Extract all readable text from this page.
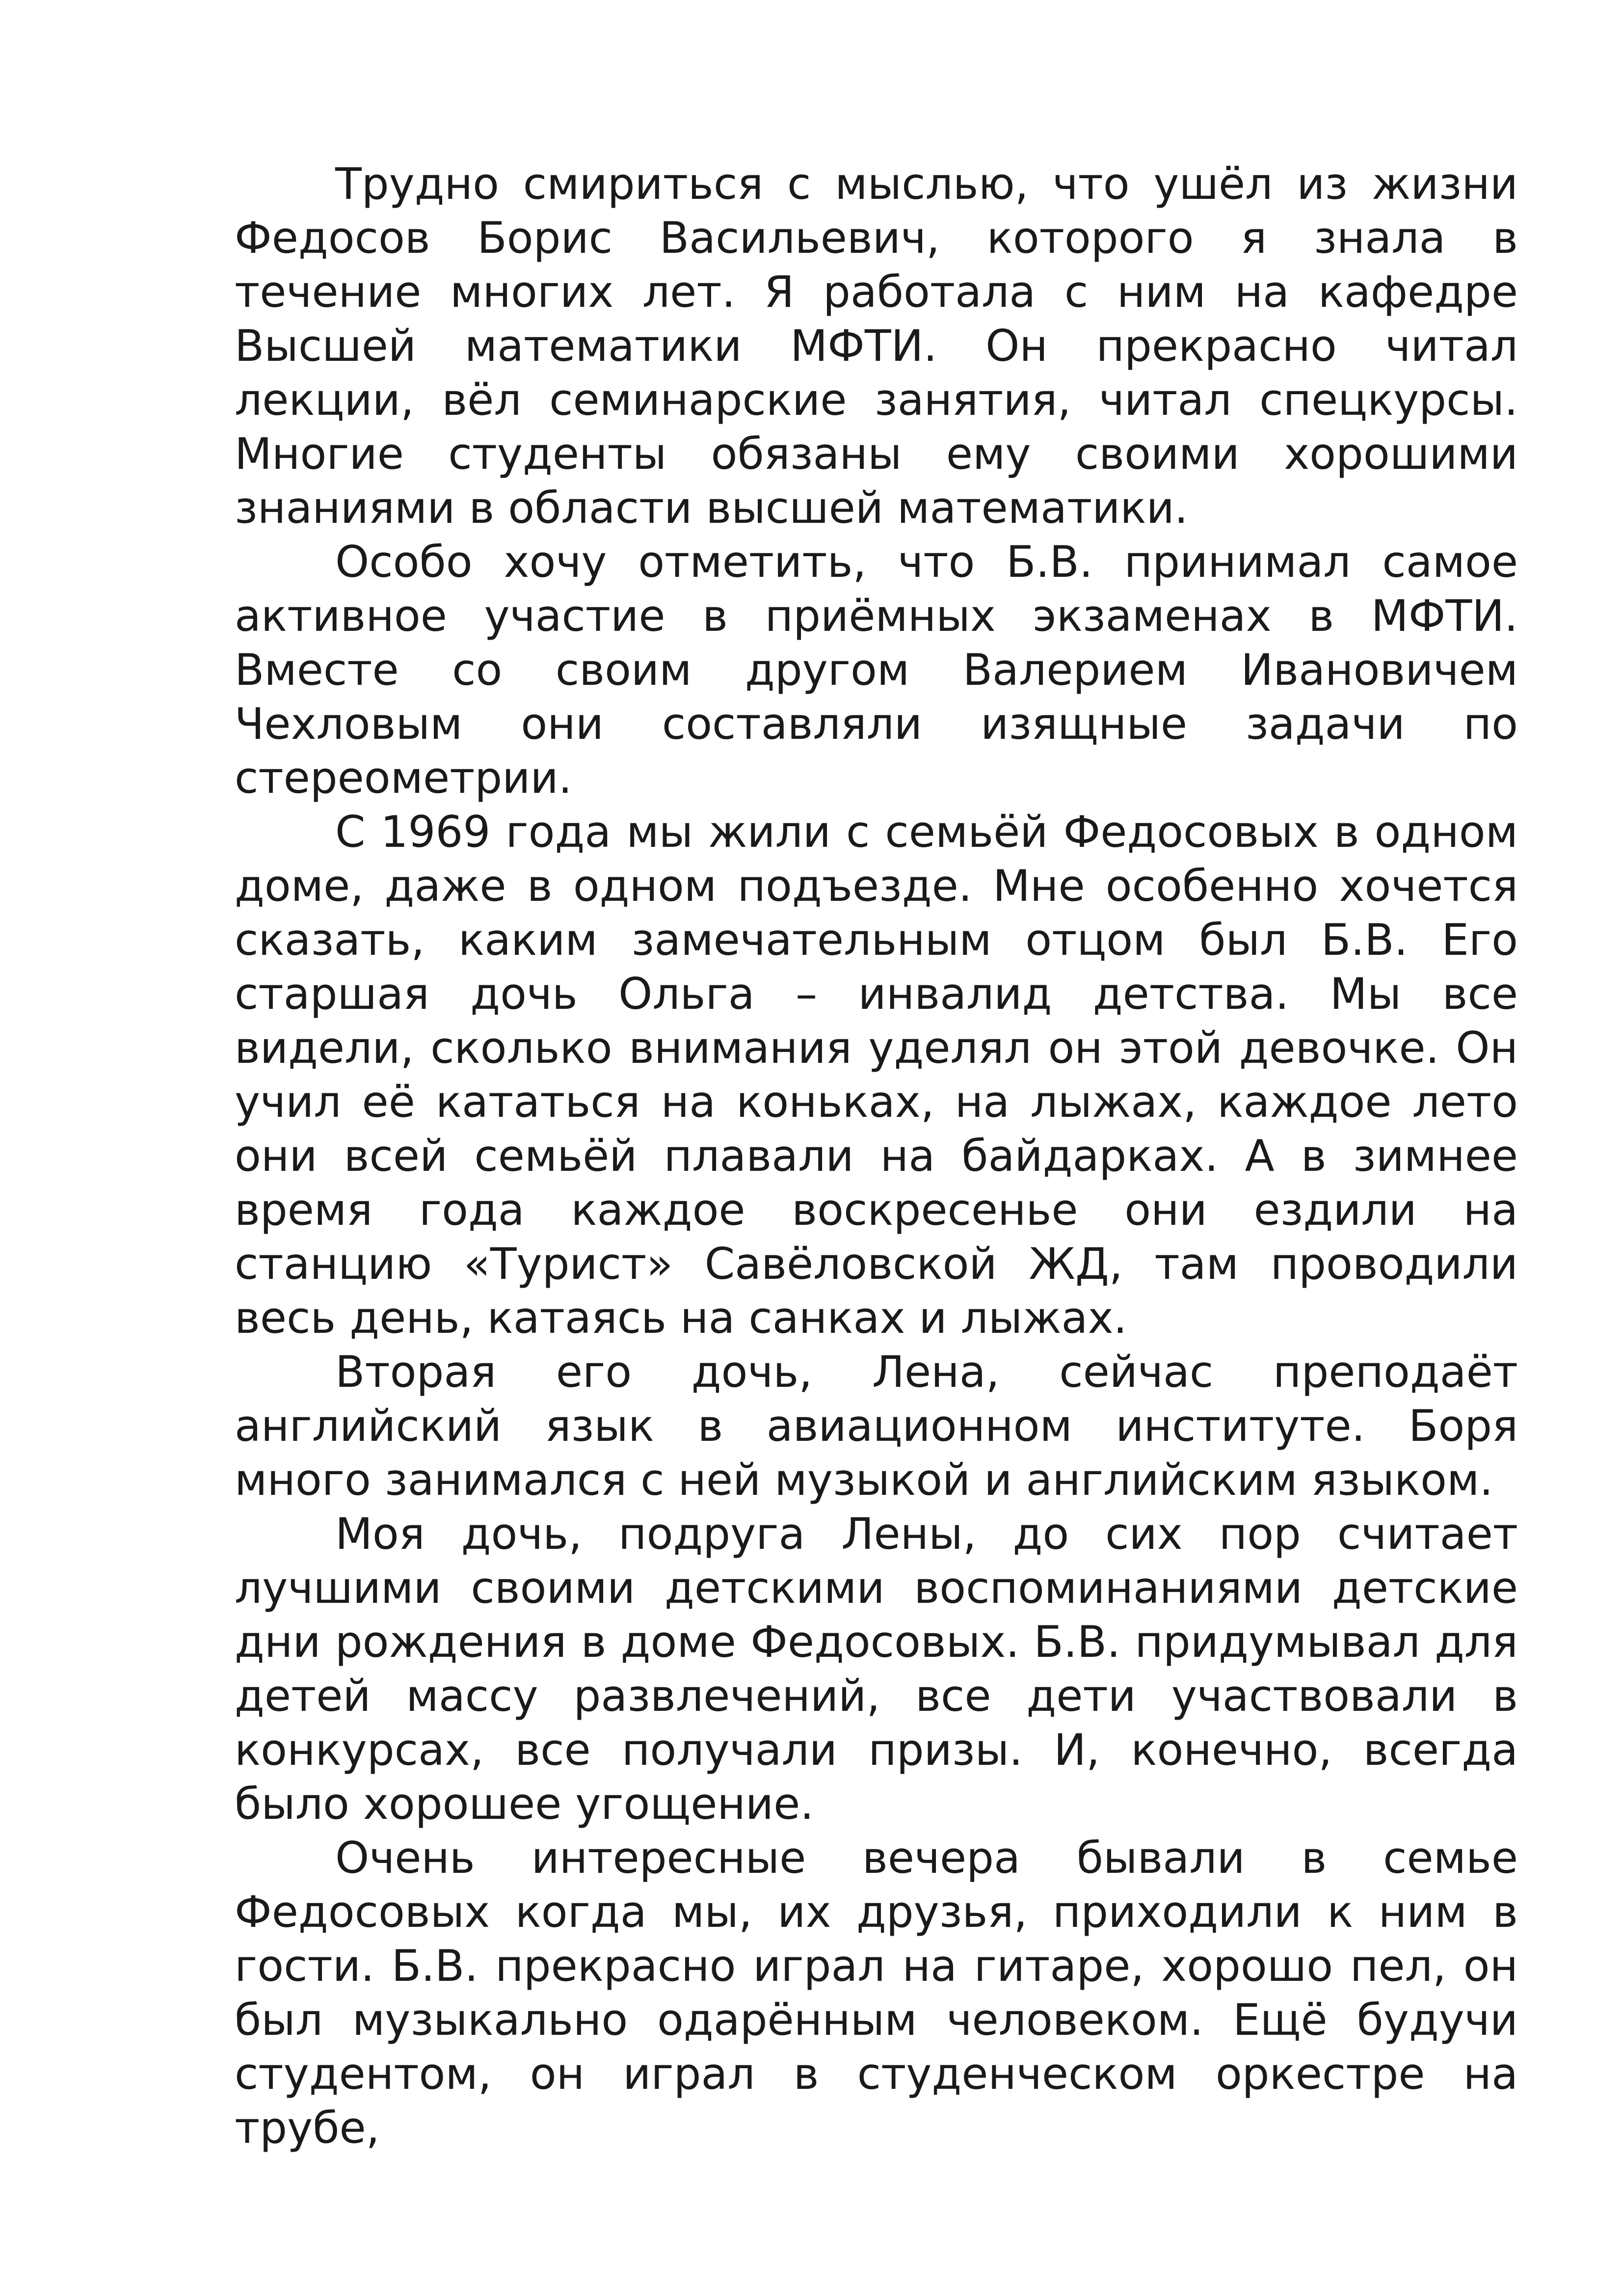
Трудно смириться с мыслью, что ушёл из жизни Федосов Борис Васильевич, которого я знала в течение многих лет. Я работала с ним на кафедре Высшей математики МФТИ. Он прекрасно читал лекции, вёл семинарские занятия, читал спецкурсы. Многие студенты обязаны ему своими хорошими знаниями в области высшей математики.

Особо хочу отметить, что Б.В. принимал самое активное участие в приёмных экзаменах в МФТИ. Вместе со своим другом Валерием Ивановичем Чехловым они составляли изящные задачи по стереометрии.

С 1969 года мы жили с семьёй Федосовых в одном доме, даже в одном подъезде. Мне особенно хочется сказать, каким замечательным отцом был Б.В. Его старшая дочь Ольга – инвалид детства. Мы все видели, сколько внимания уделял он этой девочке. Он учил её кататься на коньках, на лыжах, каждое лето они всей семьёй плавали на байдарках. А в зимнее время года каждое воскресенье они ездили на станцию «Турист» Савёловской ЖД, там проводили весь день, катаясь на санках и лыжах.

Вторая его дочь, Лена, сейчас преподаёт английский язык в авиационном институте. Боря много занимался с ней музыкой и английским языком.

Моя дочь, подруга Лены, до сих пор считает лучшими своими детскими воспоминаниями детские дни рождения в доме Федосовых. Б.В. придумывал для детей массу развлечений, все дети участвовали в конкурсах, все получали призы. И, конечно, всегда было хорошее угощение.

Очень интересные вечера бывали в семье Федосовых когда мы, их друзья, приходили к ним в гости. Б.В. прекрасно играл на гитаре, хорошо пел, он был музыкально одарённым человеком. Ещё будучи студентом, он играл в студенческом оркестре на трубе,
